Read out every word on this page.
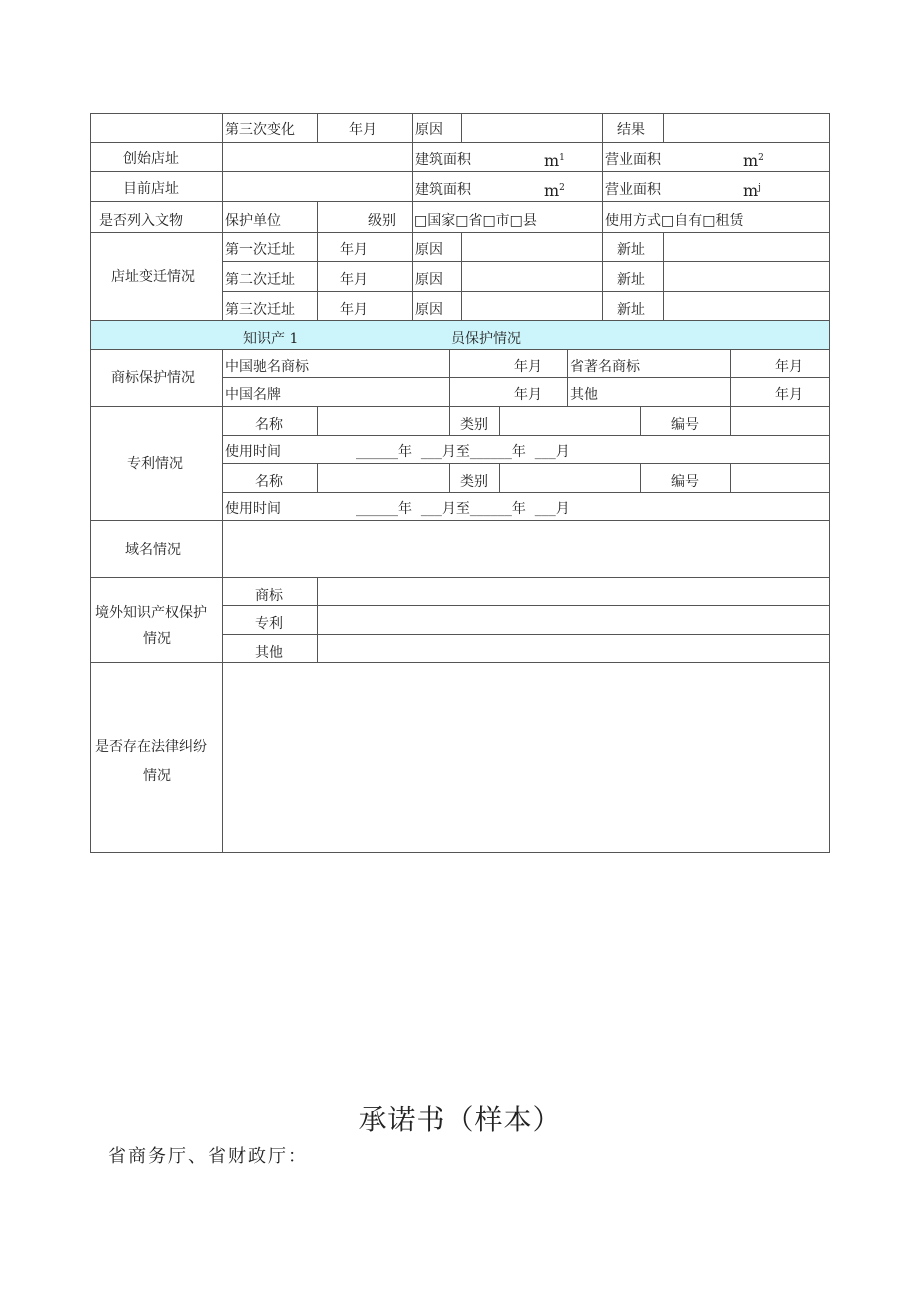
第三次变化	年月	原因	结果
创始店址	建筑面积	$m^1$	营业面积	$m^2$
目前店址	建筑面积	$m^2$	营业面积	$m^j$
是否列入文物	保护单位	级别 □国家□省□市□县	使用方式□自有□租赁
店址变迁情况
第一次迁址	年月	原因	新址
第二次迁址	年月	原因	新址
第三次迁址	年月	原因	新址
知识产 1	员保护情况
商标保护情况
中国驰名商标	年月 省著名商标	年月
中国名牌	年月 其他	年月
专利情况
名称	类别	编号
使用时间	______年  ___月至______年  ___月
名称	类别	编号
使用时间	______年  ___月至______年  ___月
域名情况
境外知识产权保护
情况
商标
专利
其他
是否存在法律纠纷
情况
承诺书（样本）
省商务厅、省财政厅：
